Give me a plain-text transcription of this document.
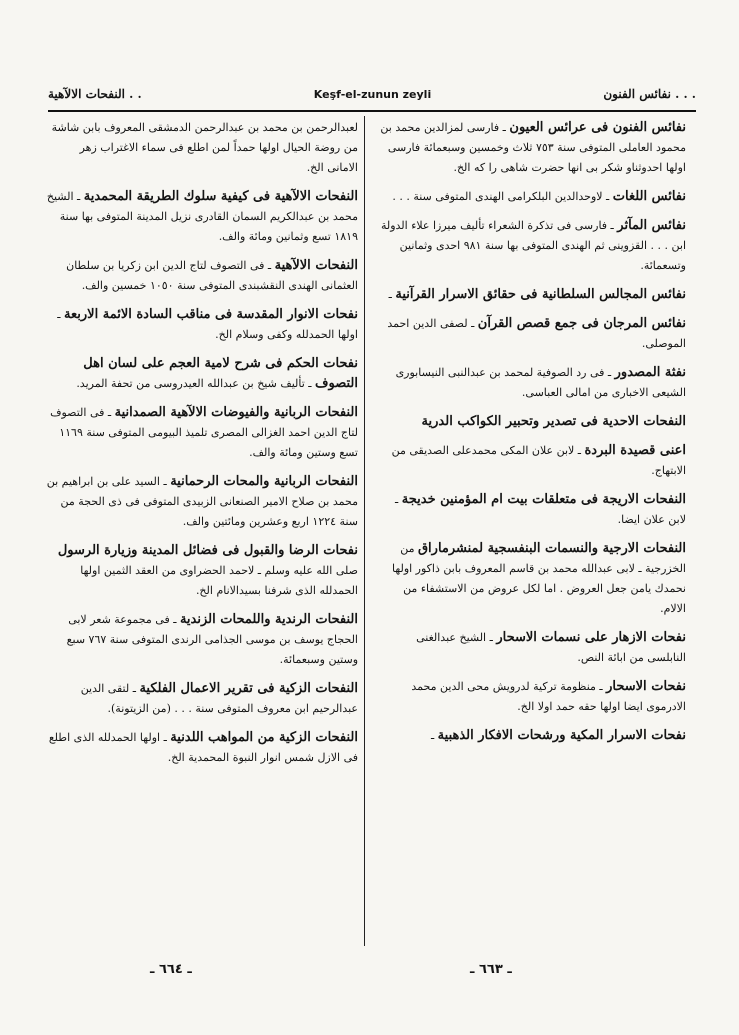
النفحات الالآهية . .	Keşf-el-zunun zeyli	نفائس الفنون . . .
نفائس الفنون فى عرائس العيون ـ فارسى لمزالدين محمد بن محمود العاملى المتوفى سنة ٧٥٣ ثلاث وخمسين وسبعمائة فارسى اولها احدوثناو شكر بى انها حضرت شاهى را كه الخ.
نفائس اللغات ـ لاوحدالدين البلكرامى الهندى المتوفى سنة . . .
نفائس المآثر ـ فارسى فى تذكرة الشعراء تأليف ميرزا علاء الدولة ابن . . . القزوينى ثم الهندى المتوفى بها سنة ٩٨١ احدى وثمانين وتسعمائة.
نفائس المجالس السلطانية فى حقائق الاسرار القرآنية ـ
نفائس المرجان فى جمع قصص القرآن ـ لصفى الدين احمد الموصلى.
نفثة المصدور ـ فى رد الصوفية لمحمد بن عبدالنبى النيسابورى الشيعى الاخبارى من امالى العباسى.
النفحات الاحدية فى تصدير وتحبير الكواكب الدرية
اعنى قصيدة البردة ـ لابن علان المكى محمدعلى الصديقى من الابتهاج.
النفحات الاريجة فى متعلقات بيت ام المؤمنين خديجة ـ لابن علان ايضا.
النفحات الارجية والنسمات البنفسجية لمنشرماراق من الخزرجية ـ لابى عبدالله محمد بن قاسم المعروف بابن ذاكور اولها نحمدك يامن جعل العروض . اما لكل عروض من الاستشفاء من الالام.
نفحات الازهار على نسمات الاسحار ـ الشيخ عبدالغنى النابلسى من ابائة النص.
نفحات الاسحار ـ منظومة تركية لدرويش محى الدين محمد الادرموى ايضا اولها حقه حمد اولا الخ.
نفحات الاسرار المكية ورشحات الافكار الذهبية ـ
لعبدالرحمن بن محمد بن عبدالرحمن الدمشقى المعروف بابن شاشة من روضة الحيال اولها حمداً لمن اطلع فى سماء الاغتراب زهر الامانى الخ.
النفحات الالآهية فى كيفية سلوك الطريقة المحمدية ـ الشيخ محمد بن عبدالكريم السمان القادرى نزيل المدينة المتوفى بها سنة ١٨١٩ تسع وثمانين ومائة والف.
النفحات الالآهية ـ فى التصوف لتاج الدين ابن زكريا بن سلطان العثمانى الهندى النقشبندى المتوفى سنة ١٠٥٠ خمسين والف.
نفحات الانوار المقدسة فى مناقب السادة الائمة الاربعة ـ اولها الحمدلله وكفى وسلام الخ.
نفحات الحكم فى شرح لامية العجم على لسان اهل التصوف ـ تأليف شيخ بن عبدالله العيدروسى من تحفة المريد.
النفحات الربانية والفيوضات الالآهية الصمدانية ـ فى التصوف لتاج الدين احمد الغزالى المصرى تلميذ البيومى المتوفى سنة ١١٦٩ تسع وستين ومائة والف.
النفحات الربانية والمحات الرحمانية ـ السيد على بن ابراهيم بن محمد بن صلاح الامير الصنعانى الزبيدى المتوفى فى ذى الحجة من سنة ١٢٢٤ اربع وعشرين ومائتين والف.
نفحات الرضا والقبول فى فضائل المدينة وزيارة الرسول صلى الله عليه وسلم ـ لاحمد الحضراوى من العقد الثمين اولها الحمدلله الذى شرفنا بسيدالانام الخ.
النفحات الرندية واللمحات الزندية ـ فى مجموعة شعر لابى الحجاج يوسف بن موسى الجذامى الرندى المتوفى سنة ٧٦٧ سبع وستين وسبعمائة.
النفحات الزكية فى تقرير الاعمال الفلكية ـ لتقى الدين عبدالرحيم ابن معروف المتوفى سنة . . . (من الزيتونة).
النفحات الزكية من المواهب اللدنية ـ اولها الحمدلله الذى اطلع فى الازل شمس انوار النبوة المحمدية الخ.
ـ ٦٦٤ ـ	ـ ٦٦٣ ـ
